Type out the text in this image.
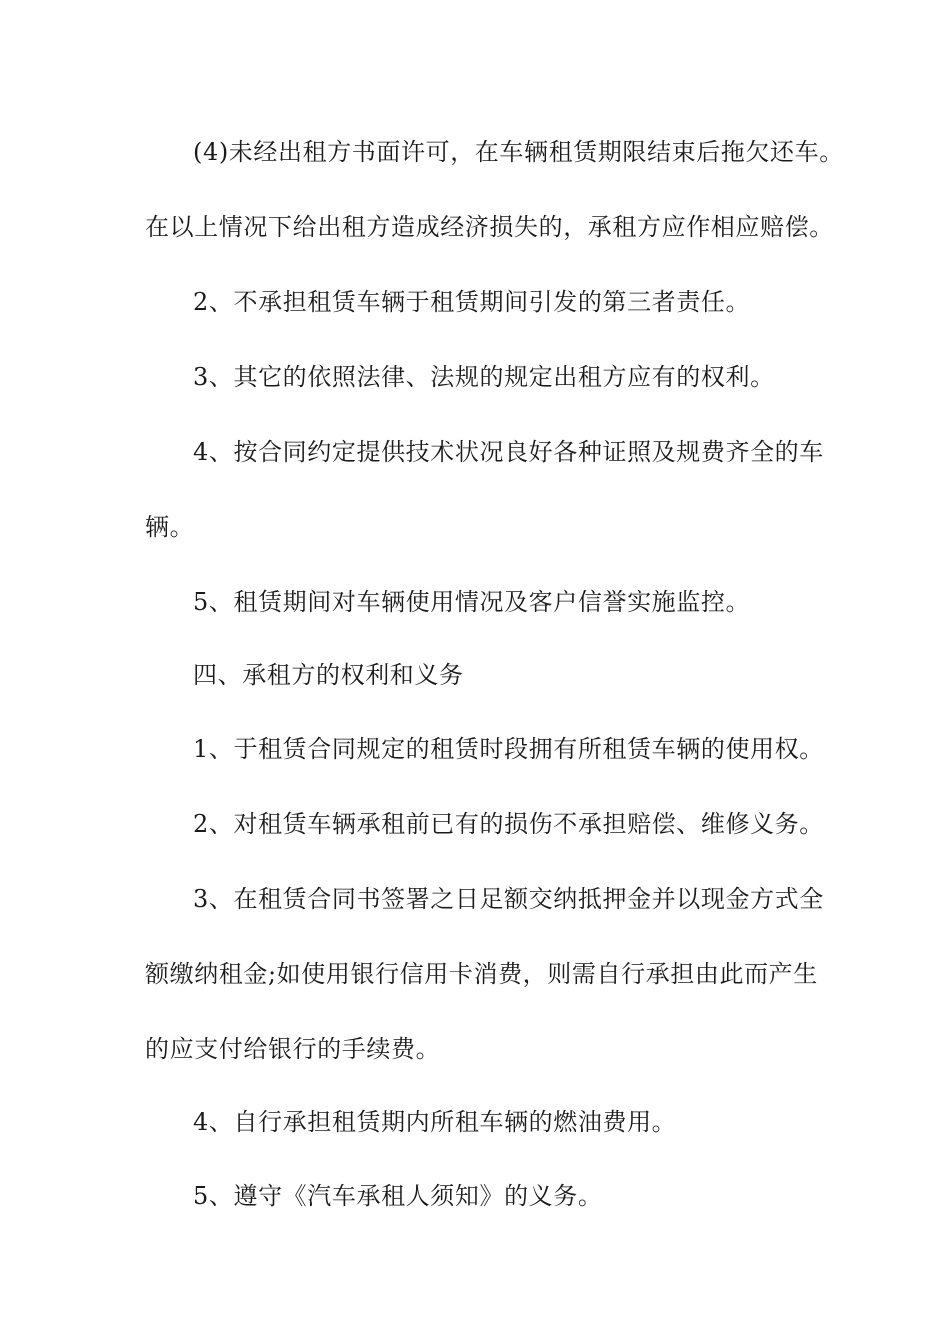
(4)未经出租方书面许可，在车辆租赁期限结束后拖欠还车。
在以上情况下给出租方造成经济损失的，承租方应作相应赔偿。
2、不承担租赁车辆于租赁期间引发的第三者责任。
3、其它的依照法律、法规的规定出租方应有的权利。
4、按合同约定提供技术状况良好各种证照及规费齐全的车
辆。
5、租赁期间对车辆使用情况及客户信誉实施监控。
四、承租方的权利和义务
1、于租赁合同规定的租赁时段拥有所租赁车辆的使用权。
2、对租赁车辆承租前已有的损伤不承担赔偿、维修义务。
3、在租赁合同书签署之日足额交纳抵押金并以现金方式全
额缴纳租金;如使用银行信用卡消费，则需自行承担由此而产生
的应支付给银行的手续费。
4、自行承担租赁期内所租车辆的燃油费用。
5、遵守《汽车承租人须知》的义务。
